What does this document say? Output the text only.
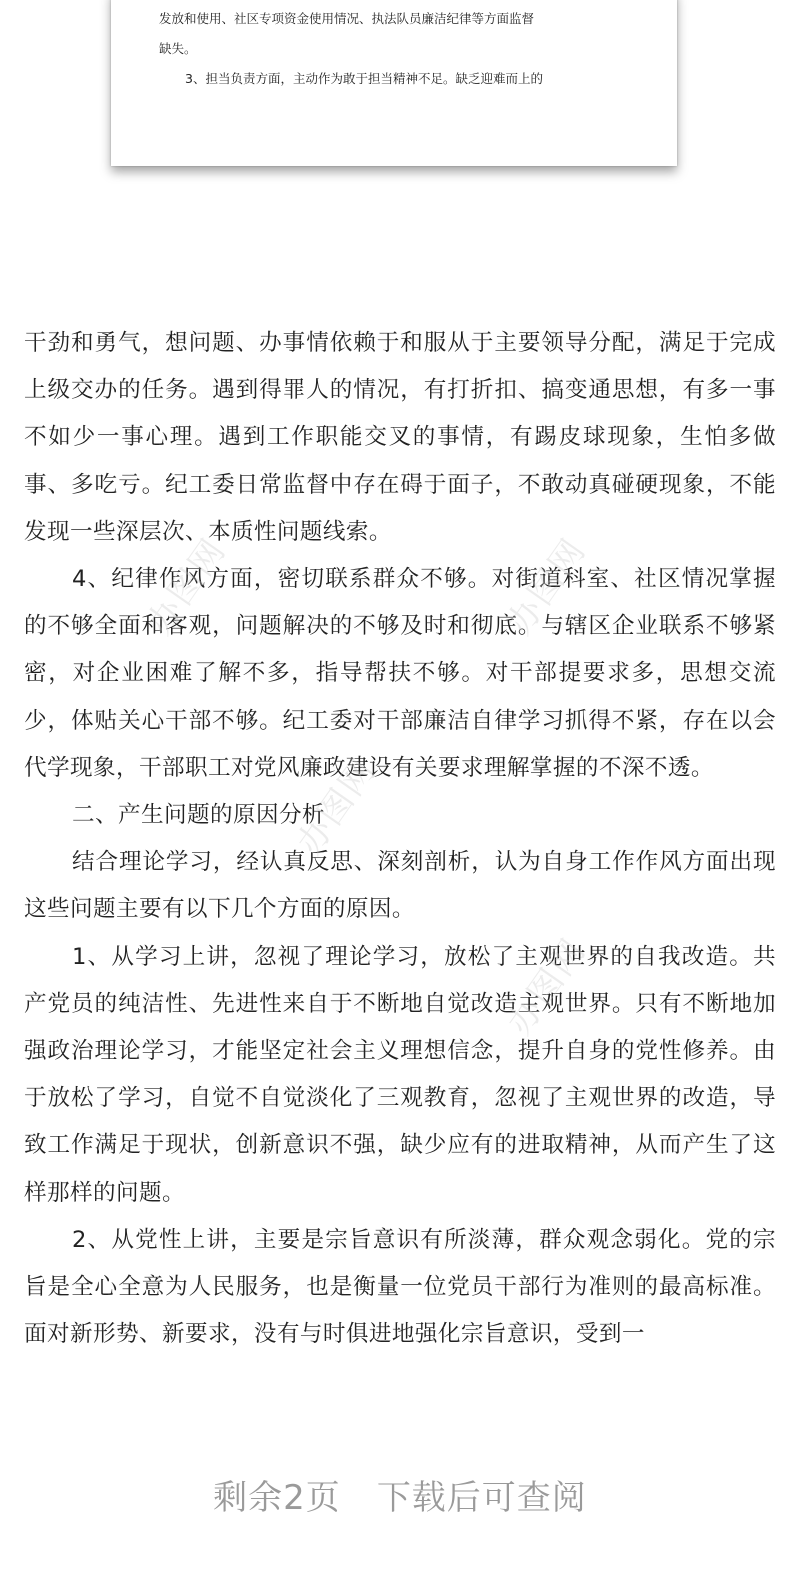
发放和使用、社区专项资金使用情况、执法队员廉洁纪律等方面监督

缺失。

3、担当负责方面，主动作为敢于担当精神不足。缺乏迎难而上的

干劲和勇气，想问题、办事情依赖于和服从于主要领导分配，满足于完成上级交办的任务。遇到得罪人的情况，有打折扣、搞变通思想，有多一事不如少一事心理。遇到工作职能交叉的事情，有踢皮球现象，生怕多做事、多吃亏。纪工委日常监督中存在碍于面子，不敢动真碰硬现象，不能发现一些深层次、本质性问题线索。

4、纪律作风方面，密切联系群众不够。对街道科室、社区情况掌握的不够全面和客观，问题解决的不够及时和彻底。与辖区企业联系不够紧密，对企业困难了解不多，指导帮扶不够。对干部提要求多，思想交流少，体贴关心干部不够。纪工委对干部廉洁自律学习抓得不紧，存在以会代学现象，干部职工对党风廉政建设有关要求理解掌握的不深不透。

二、产生问题的原因分析

结合理论学习，经认真反思、深刻剖析，认为自身工作作风方面出现这些问题主要有以下几个方面的原因。

1、从学习上讲，忽视了理论学习，放松了主观世界的自我改造。共产党员的纯洁性、先进性来自于不断地自觉改造主观世界。只有不断地加强政治理论学习，才能坚定社会主义理想信念，提升自身的党性修养。由于放松了学习，自觉不自觉淡化了三观教育，忽视了主观世界的改造，导致工作满足于现状，创新意识不强，缺少应有的进取精神，从而产生了这样那样的问题。

2、从党性上讲，主要是宗旨意识有所淡薄，群众观念弱化。党的宗旨是全心全意为人民服务，也是衡量一位党员干部行为准则的最高标准。面对新形势、新要求，没有与时俱进地强化宗旨意识，受到一

办图网	办图网
办图网
办图网
剩余2页 下载后可查阅
